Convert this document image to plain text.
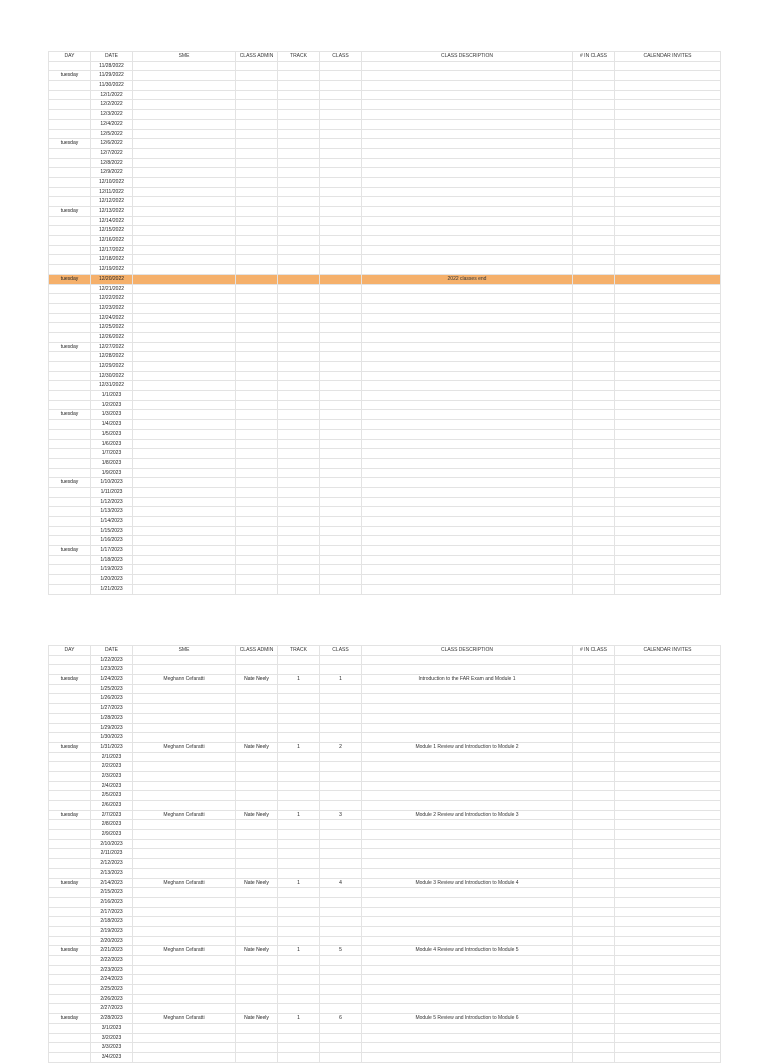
DAY	DATE	SME	CLASS ADMIN	TRACK	CLASS	CLASS DESCRIPTION	# IN CLASS	CALENDAR INVITES
	11/28/2022							
tuesday	11/29/2022							
	11/30/2022							
	12/1/2022							
	12/2/2022							
	12/3/2022							
	12/4/2022							
	12/5/2022							
tuesday	12/6/2022							
	12/7/2022							
	12/8/2022							
	12/9/2022							
	12/10/2022							
	12/11/2022							
	12/12/2022							
tuesday	12/13/2022							
	12/14/2022							
	12/15/2022							
	12/16/2022							
	12/17/2022							
	12/18/2022							
	12/19/2022							
tuesday	12/20/2022					2022 classes end		
	12/21/2022							
	12/22/2022							
	12/23/2022							
	12/24/2022							
	12/25/2022							
	12/26/2022							
tuesday	12/27/2022							
	12/28/2022							
	12/29/2022							
	12/30/2022							
	12/31/2022							
	1/1/2023							
	1/2/2023							
tuesday	1/3/2023							
	1/4/2023							
	1/5/2023							
	1/6/2023							
	1/7/2023							
	1/8/2023							
	1/9/2023							
tuesday	1/10/2023							
	1/11/2023							
	1/12/2023							
	1/13/2023							
	1/14/2023							
	1/15/2023							
	1/16/2023							
tuesday	1/17/2023							
	1/18/2023							
	1/19/2023							
	1/20/2023							
	1/21/2023							
DAY	DATE	SME	CLASS ADMIN	TRACK	CLASS	CLASS DESCRIPTION	# IN CLASS	CALENDAR INVITES
	1/22/2023							
	1/23/2023							
tuesday	1/24/2023	Meghann Cefaratti	Nate Neely	1	1	Introduction to the FAR Exam and Module 1		
	1/25/2023							
	1/26/2023							
	1/27/2023							
	1/28/2023							
	1/29/2023							
	1/30/2023							
tuesday	1/31/2023	Meghann Cefaratti	Nate Neely	1	2	Module 1 Review and Introduction to Module 2		
	2/1/2023							
	2/2/2023							
	2/3/2023							
	2/4/2023							
	2/5/2023							
	2/6/2023							
tuesday	2/7/2023	Meghann Cefaratti	Nate Neely	1	3	Module 2 Review and Introduction to Module 3		
	2/8/2023							
	2/9/2023							
	2/10/2023							
	2/11/2023							
	2/12/2023							
	2/13/2023							
tuesday	2/14/2023	Meghann Cefaratti	Nate Neely	1	4	Module 3 Review and Introduction to Module 4		
	2/15/2023							
	2/16/2023							
	2/17/2023							
	2/18/2023							
	2/19/2023							
	2/20/2023							
tuesday	2/21/2023	Meghann Cefaratti	Nate Neely	1	5	Module 4 Review and Introduction to Module 5		
	2/22/2023							
	2/23/2023							
	2/24/2023							
	2/25/2023							
	2/26/2023							
	2/27/2023							
tuesday	2/28/2023	Meghann Cefaratti	Nate Neely	1	6	Module 5 Review and Introduction to Module 6		
	3/1/2023							
	3/2/2023							
	3/3/2023							
	3/4/2023							
